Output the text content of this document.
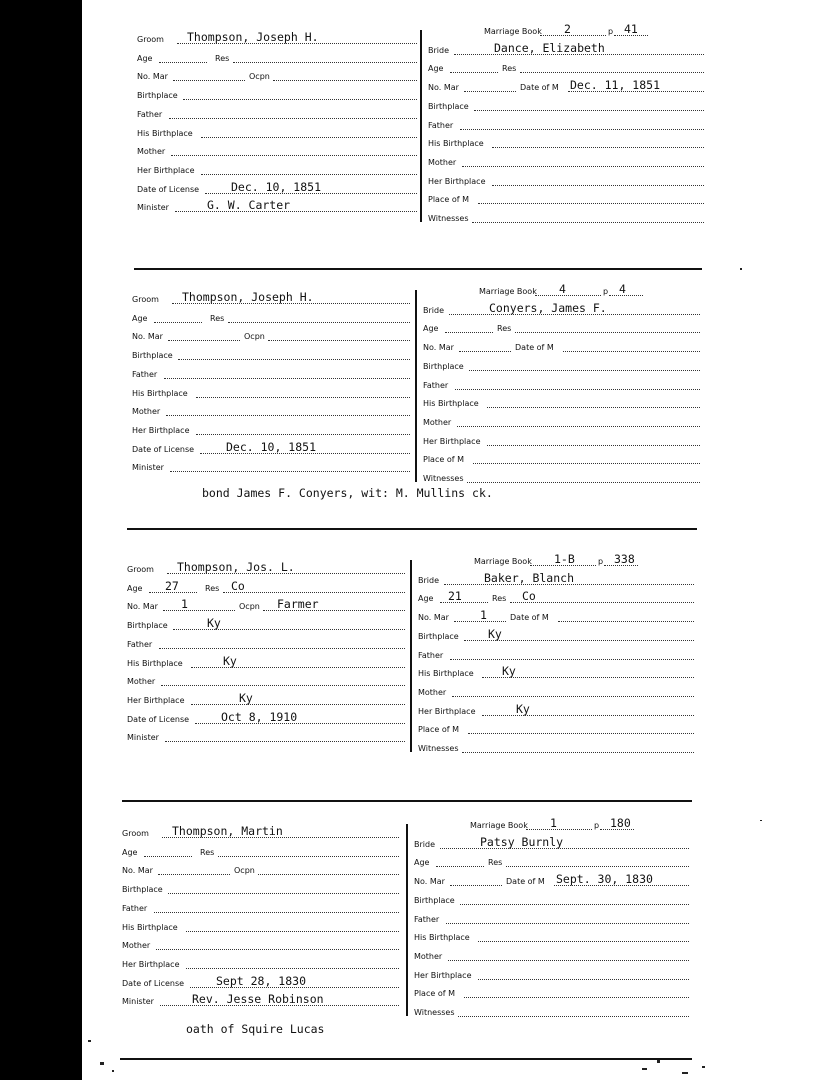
Groom Thompson, Joseph H.
Age	Res
No. Mar	Ocpn
Birthplace
Father
His Birthplace
Mother
Her Birthplace
Date of License	Dec. 10, 1851
Minister	G. W. Carter
Marriage Book 2	p 41
Bride	Dance, Elizabeth
Age	Res
No. Mar	Date of M Dec. 11, 1851
Birthplace
Father
His Birthplace
Mother
Her Birthplace
Place of M
Witnesses
Groom Thompson, Joseph H.
Age	Res
No. Mar	Ocpn
Birthplace
Father
His Birthplace
Mother
Her Birthplace
Date of License	Dec. 10, 1851
Minister
Marriage Book 4	p 4
Bride	Conyers, James F.
Age	Res
No. Mar	Date of M
Birthplace
Father
His Birthplace
Mother
Her Birthplace
Place of M
Witnesses
bond James F. Conyers, wit: M. Mullins ck.
Groom Thompson, Jos. L.
Age 27	Res Co
No. Mar 1	Ocpn Farmer
Birthplace	Ky
Father
His Birthplace	Ky
Mother
Her Birthplace	Ky
Date of License	Oct 8, 1910
Minister
Marriage Book 1-B	p 338
Bride	Baker, Blanch
Age 21	Res Co
No. Mar	1	Date of M
Birthplace	Ky
Father
His Birthplace Ky
Mother
Her Birthplace	Ky
Place of M
Witnesses
Groom Thompson, Martin
Age	Res
No. Mar	Ocpn
Birthplace
Father
His Birthplace
Mother
Her Birthplace
Date of License	Sept 28, 1830
Minister	Rev. Jesse Robinson
Marriage Book 1	p 180
Bride	Patsy Burnly
Age	Res
No. Mar	Date of M Sept. 30, 1830
Birthplace
Father
His Birthplace
Mother
Her Birthplace
Place of M
Witnesses
oath of Squire Lucas
